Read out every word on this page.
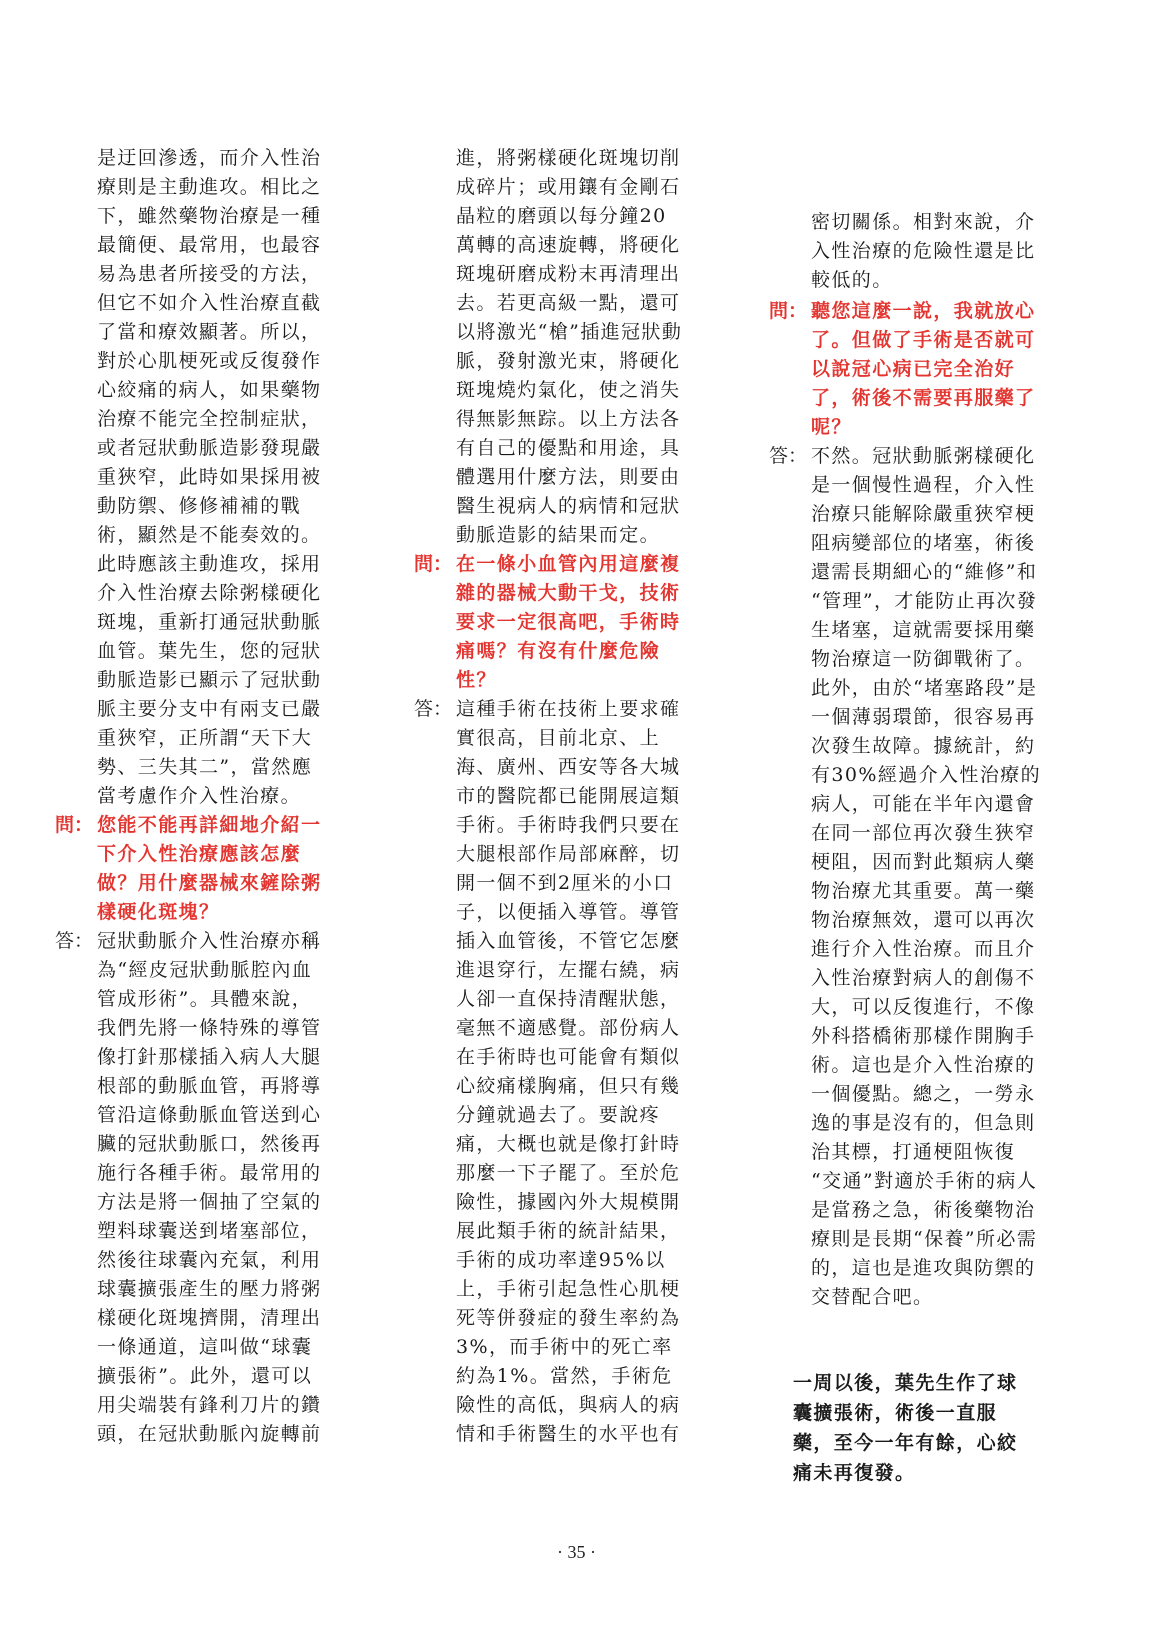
是迂回滲透，而介入性治
療則是主動進攻。相比之
下，雖然藥物治療是一種
最簡便、最常用，也最容
易為患者所接受的方法，
但它不如介入性治療直截
了當和療效顯著。所以，
對於心肌梗死或反復發作
心絞痛的病人，如果藥物
治療不能完全控制症狀，
或者冠狀動脈造影發現嚴
重狹窄，此時如果採用被
動防禦、修修補補的戰
術，顯然是不能奏效的。
此時應該主動進攻，採用
介入性治療去除粥樣硬化
斑塊，重新打通冠狀動脈
血管。葉先生，您的冠狀
動脈造影已顯示了冠狀動
脈主要分支中有兩支已嚴
重狹窄，正所謂“天下大
勢、三失其二”，當然應
當考慮作介入性治療。
問： 您能不能再詳細地介紹一
下介入性治療應該怎麼
做？用什麼器械來鏟除粥
樣硬化斑塊？
答： 冠狀動脈介入性治療亦稱
為“經皮冠狀動脈腔內血
管成形術”。具體來說，
我們先將一條特殊的導管
像打針那樣插入病人大腿
根部的動脈血管，再將導
管沿這條動脈血管送到心
臟的冠狀動脈口，然後再
施行各種手術。最常用的
方法是將一個抽了空氣的
塑料球囊送到堵塞部位，
然後往球囊內充氣，利用
球囊擴張產生的壓力將粥
樣硬化斑塊擠開，清理出
一條通道，這叫做“球囊
擴張術”。此外，還可以
用尖端裝有鋒利刀片的鑽
頭，在冠狀動脈內旋轉前
進，將粥樣硬化斑塊切削
成碎片；或用鑲有金剛石
晶粒的磨頭以每分鐘20
萬轉的高速旋轉，將硬化
斑塊研磨成粉末再清理出
去。若更高級一點，還可
以將激光“槍”插進冠狀動
脈，發射激光束，將硬化
斑塊燒灼氣化，使之消失
得無影無踪。以上方法各
有自己的優點和用途，具
體選用什麼方法，則要由
醫生視病人的病情和冠狀
動脈造影的結果而定。
問： 在一條小血管內用這麼複
雜的器械大動干戈，技術
要求一定很高吧，手術時
痛嗎？有沒有什麼危險
性？
答： 這種手術在技術上要求確
實很高，目前北京、上
海、廣州、西安等各大城
市的醫院都已能開展這類
手術。手術時我們只要在
大腿根部作局部麻醉，切
開一個不到2厘米的小口
子，以便插入導管。導管
插入血管後，不管它怎麼
進退穿行，左擺右繞，病
人卻一直保持清醒狀態，
毫無不適感覺。部份病人
在手術時也可能會有類似
心絞痛樣胸痛，但只有幾
分鐘就過去了。要說疼
痛，大概也就是像打針時
那麼一下子罷了。至於危
險性，據國內外大規模開
展此類手術的統計結果，
手術的成功率達95%以
上，手術引起急性心肌梗
死等併發症的發生率約為
3%，而手術中的死亡率
約為1%。當然，手術危
險性的高低，與病人的病
情和手術醫生的水平也有
密切關係。相對來說，介
入性治療的危險性還是比
較低的。
問： 聽您這麼一說，我就放心
了。但做了手術是否就可
以說冠心病已完全治好
了，術後不需要再服藥了
呢？
答： 不然。冠狀動脈粥樣硬化
是一個慢性過程，介入性
治療只能解除嚴重狹窄梗
阻病變部位的堵塞，術後
還需長期細心的“維修”和
“管理”，才能防止再次發
生堵塞，這就需要採用藥
物治療這一防御戰術了。
此外，由於“堵塞路段”是
一個薄弱環節，很容易再
次發生故障。據統計，約
有30%經過介入性治療的
病人，可能在半年內還會
在同一部位再次發生狹窄
梗阻，因而對此類病人藥
物治療尤其重要。萬一藥
物治療無效，還可以再次
進行介入性治療。而且介
入性治療對病人的創傷不
大，可以反復進行，不像
外科搭橋術那樣作開胸手
術。這也是介入性治療的
一個優點。總之，一勞永
逸的事是沒有的，但急則
治其標，打通梗阻恢復
“交通”對適於手術的病人
是當務之急，術後藥物治
療則是長期“保養”所必需
的，這也是進攻與防禦的
交替配合吧。
一周以後，葉先生作了球
囊擴張術，術後一直服
藥，至今一年有餘，心絞
痛未再復發。
· 35 ·
